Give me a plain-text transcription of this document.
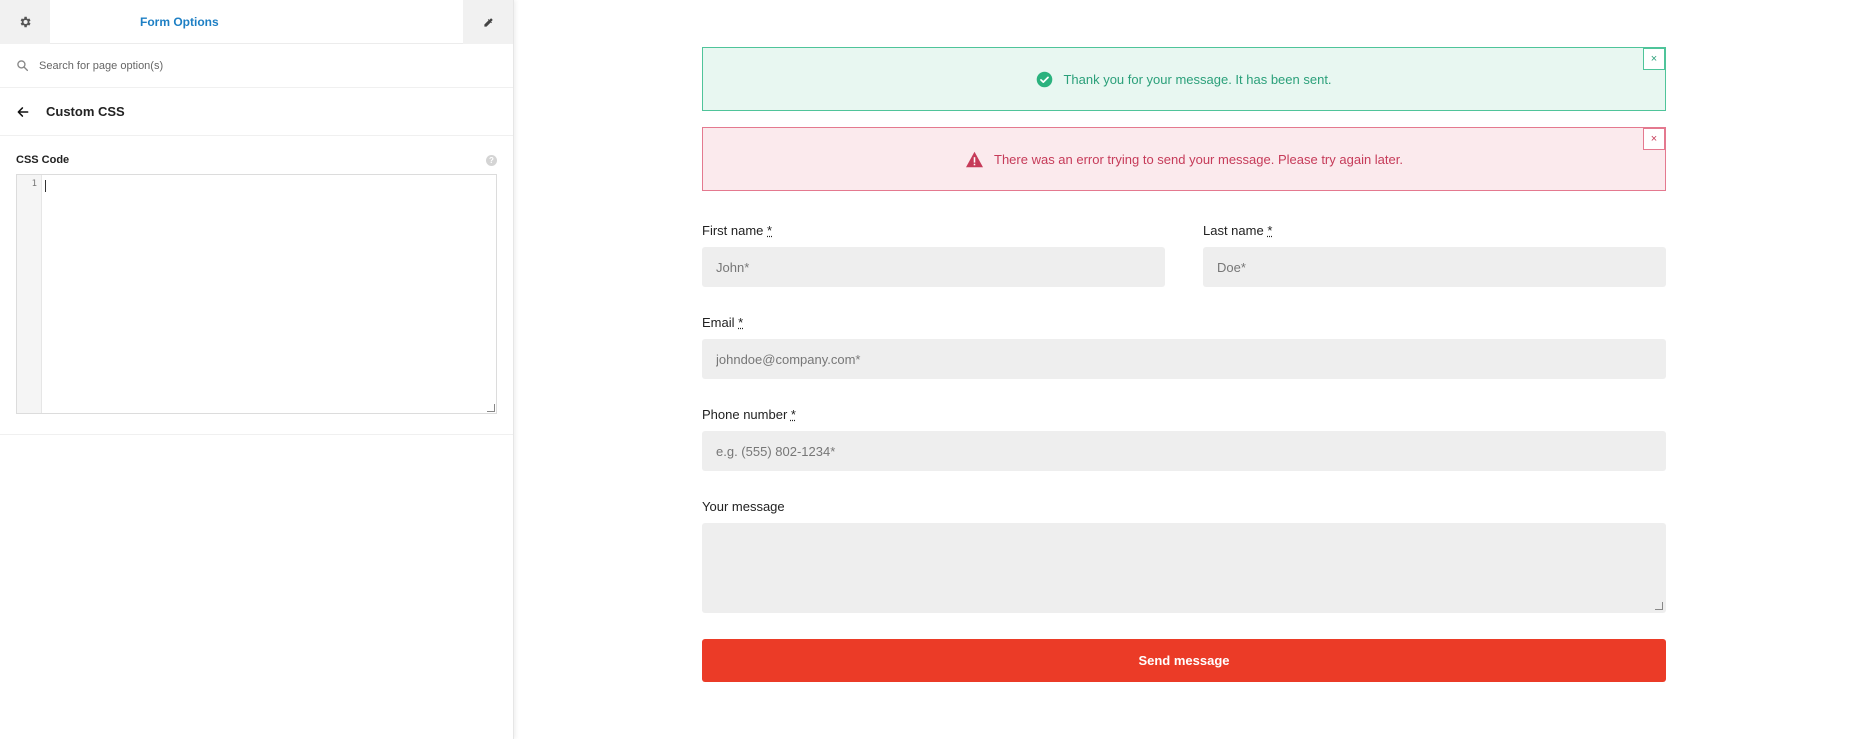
Form Options
Search for page option(s)
Custom CSS
CSS Code	?
1
Thank you for your message. It has been sent.
×
There was an error trying to send your message. Please try again later.
×
First name *
John*	Last name *
Doe*
Email *
johndoe@company.com*
Phone number *
e.g. (555) 802-1234*
Your message
Send message
